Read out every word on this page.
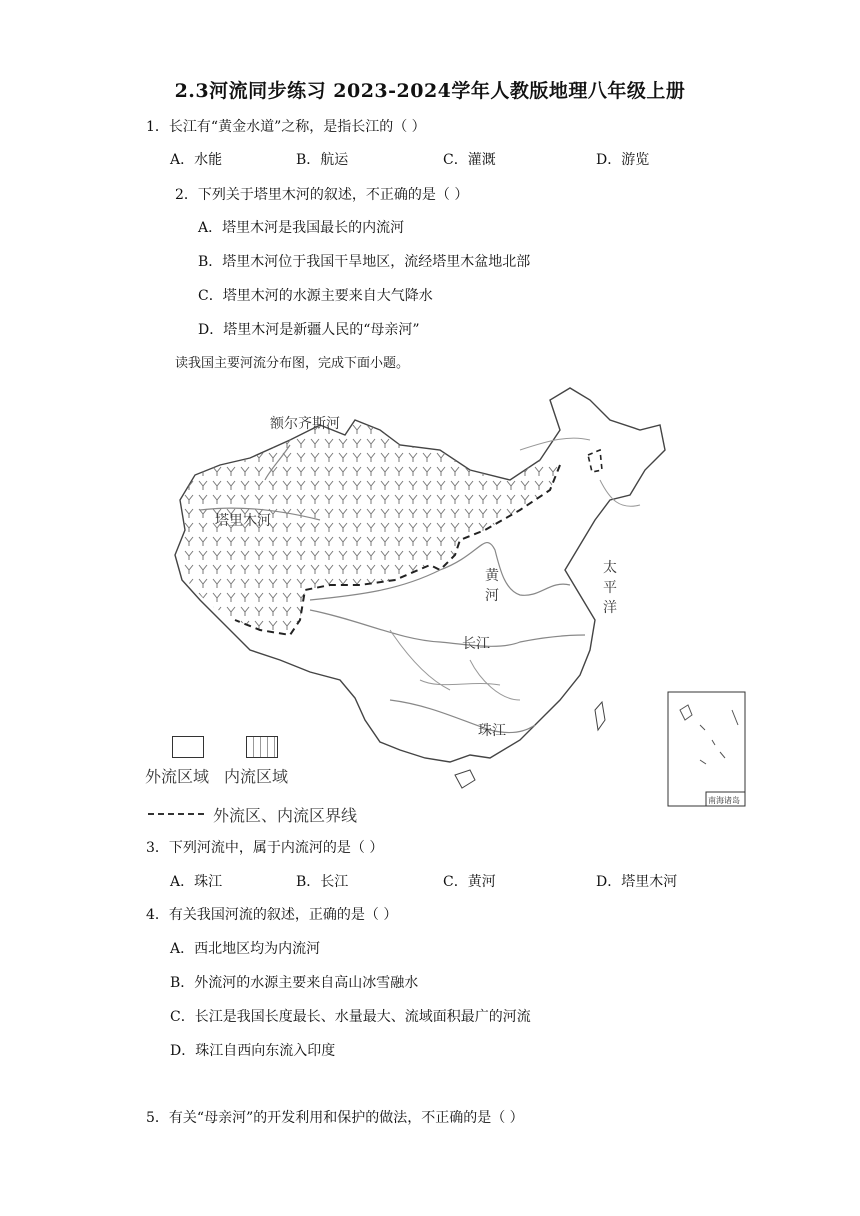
2.3河流同步练习 2023-2024学年人教版地理八年级上册
1．长江有“黄金水道”之称，是指长江的（ ）
A．水能	B．航运	C．灌溉	D．游览
2．下列关于塔里木河的叙述，不正确的是（ ）
A．塔里木河是我国最长的内流河
B．塔里木河位于我国干旱地区，流经塔里木盆地北部
C．塔里木河的水源主要来自大气降水
D．塔里木河是新疆人民的“母亲河”
读我国主要河流分布图，完成下面小题。
额尔齐斯河
塔里木河
黄
河
长江
珠江
太
平
洋
南海诸岛
外流区域 内流区域
外流区、内流区界线
3．下列河流中，属于内流河的是（ ）
A．珠江	B．长江	C．黄河	D．塔里木河
4．有关我国河流的叙述，正确的是（ ）
A．西北地区均为内流河
B．外流河的水源主要来自高山冰雪融水
C．长江是我国长度最长、水量最大、流域面积最广的河流
D．珠江自西向东流入印度
5．有关“母亲河”的开发利用和保护的做法，不正确的是（ ）
